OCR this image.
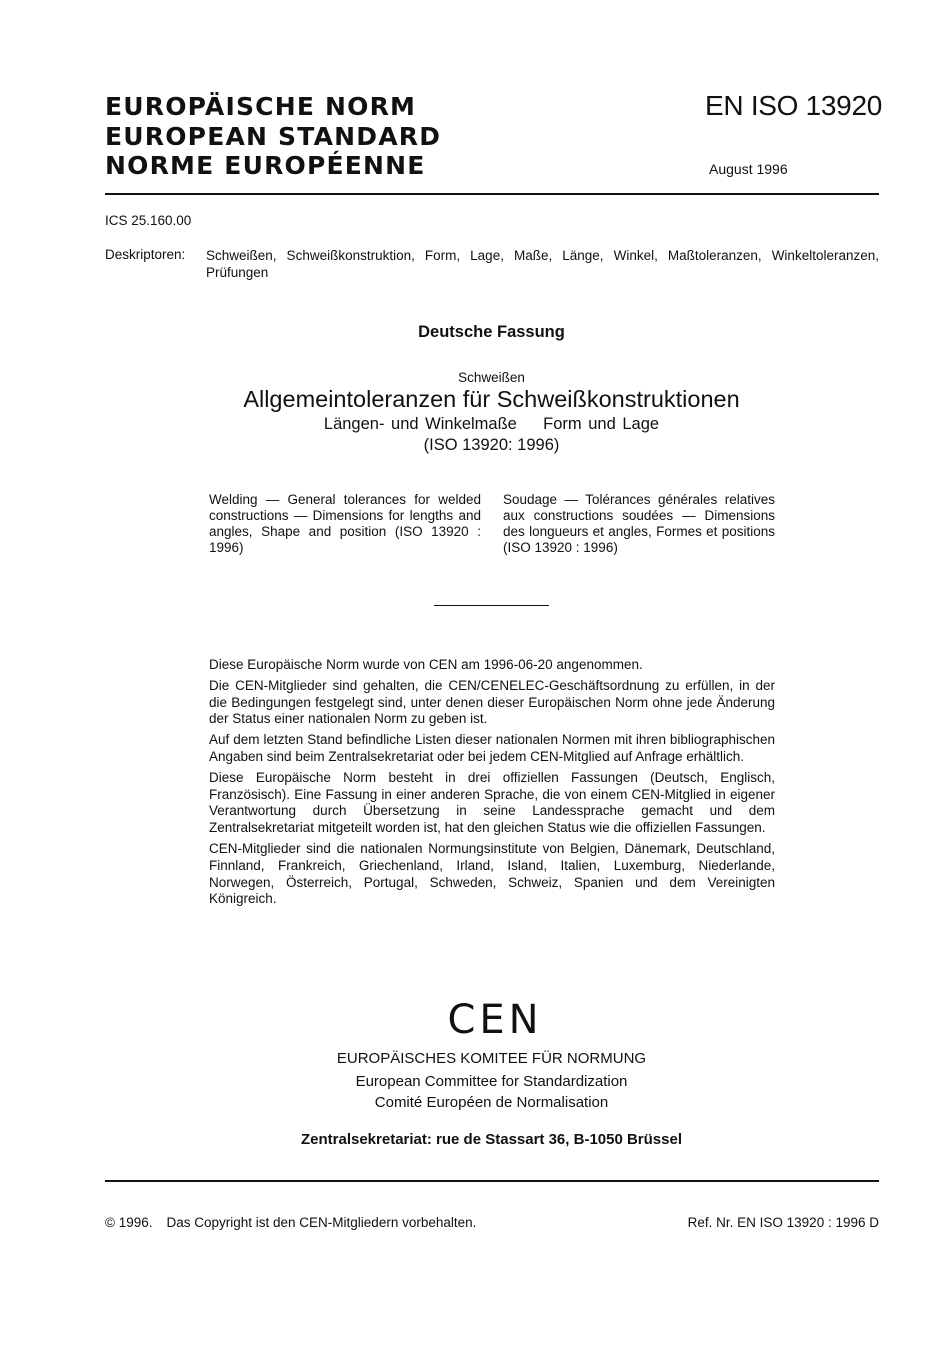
EUROPÄISCHE NORM
EUROPEAN STANDARD
NORME EUROPÉENNE
EN ISO 13920
August 1996
ICS 25.160.00
Deskriptoren: Schweißen, Schweißkonstruktion, Form, Lage, Maße, Länge, Winkel, Maßtoleranzen, Winkeltoleranzen, Prüfungen
Deutsche Fassung
Schweißen
Allgemeintoleranzen für Schweißkonstruktionen
Längen- und Winkelmaße    Form und Lage
(ISO 13920: 1996)
Welding — General tolerances for welded constructions — Dimensions for lengths and angles, Shape and position (ISO 13920 : 1996)
Soudage — Tolérances générales relatives aux constructions soudées — Dimensions des longueurs et angles, Formes et positions (ISO 13920 : 1996)

Diese Europäische Norm wurde von CEN am 1996-06-20 angenommen.

Die CEN-Mitglieder sind gehalten, die CEN/CENELEC-Geschäftsordnung zu erfüllen, in der die Bedingungen festgelegt sind, unter denen dieser Europäischen Norm ohne jede Änderung der Status einer nationalen Norm zu geben ist.

Auf dem letzten Stand befindliche Listen dieser nationalen Normen mit ihren bibliographischen Angaben sind beim Zentralsekretariat oder bei jedem CEN-Mitglied auf Anfrage erhältlich.

Diese Europäische Norm besteht in drei offiziellen Fassungen (Deutsch, Englisch, Französisch). Eine Fassung in einer anderen Sprache, die von einem CEN-Mitglied in eigener Verantwortung durch Übersetzung in seine Landessprache gemacht und dem Zentralsekretariat mitgeteilt worden ist, hat den gleichen Status wie die offiziellen Fassungen.

CEN-Mitglieder sind die nationalen Normungsinstitute von Belgien, Dänemark, Deutschland, Finnland, Frankreich, Griechenland, Irland, Island, Italien, Luxemburg, Niederlande, Norwegen, Österreich, Portugal, Schweden, Schweiz, Spanien und dem Vereinigten Königreich.

CEN
EUROPÄISCHES KOMITEE FÜR NORMUNG
European Committee for Standardization
Comité Européen de Normalisation
Zentralsekretariat: rue de Stassart 36, B-1050 Brüssel
© 1996. Das Copyright ist den CEN-Mitgliedern vorbehalten.	Ref. Nr. EN ISO 13920 : 1996 D
